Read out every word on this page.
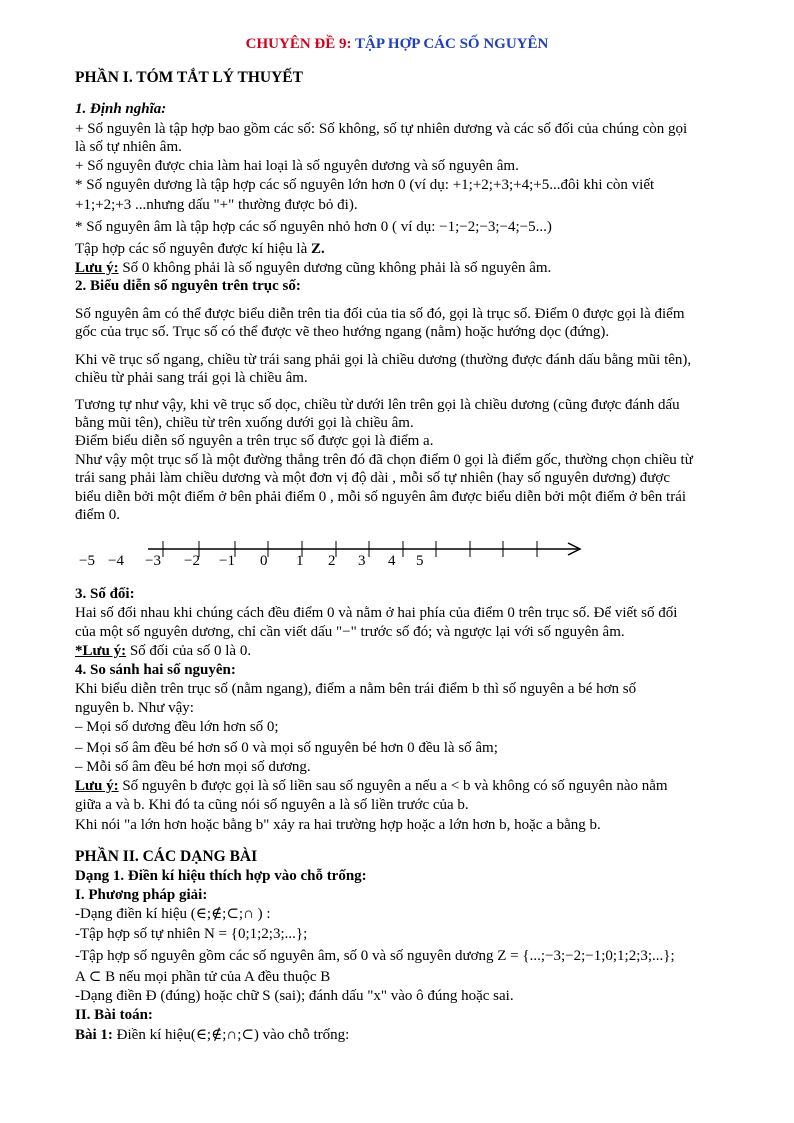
CHUYÊN ĐỀ 9: TẬP HỢP CÁC SỐ NGUYÊN
PHẦN I. TÓM TẮT LÝ THUYẾT
1. Định nghĩa:
+ Số nguyên là tập hợp bao gồm các số: Số không, số tự nhiên dương và các số đối của chúng còn gọi
là số tự nhiên âm.
+ Số nguyên được chia làm hai loại là số nguyên dương và số nguyên âm.
* Số nguyên dương là tập hợp các số nguyên lớn hơn 0 (ví dụ: +1;+2;+3;+4;+5...đôi khi còn viết
+1;+2;+3 ...nhưng dấu "+" thường được bỏ đi).
* Số nguyên âm là tập hợp các số nguyên nhỏ hơn 0 ( ví dụ: −1;−2;−3;−4;−5...)
Tập hợp các số nguyên được kí hiệu là Z.
Lưu ý: Số 0 không phải là số nguyên dương cũng không phải là số nguyên âm.
2. Biểu diễn số nguyên trên trục số:
Số nguyên âm có thể được biểu diễn trên tia đối của tia số đó, gọi là trục số. Điểm 0 được gọi là điểm
gốc của trục số. Trục số có thể được vẽ theo hướng ngang (nằm) hoặc hướng dọc (đứng).
Khi vẽ trục số ngang, chiều từ trái sang phải gọi là chiều dương (thường được đánh dấu bằng mũi tên),
chiều từ phải sang trái gọi là chiều âm.
Tương tự như vậy, khi vẽ trục số dọc, chiều từ dưới lên trên gọi là chiều dương (cũng được đánh dấu
bằng mũi tên), chiều từ trên xuống dưới gọi là chiều âm.
Điểm biểu diễn số nguyên a trên trục số được gọi là điểm a.
Như vậy một trục số là một đường thẳng trên đó đã chọn điểm 0 gọi là điểm gốc, thường chọn chiều từ
trái sang phải làm chiều dương và một đơn vị độ dài , mỗi số tự nhiên (hay số nguyên dương) được
biểu diễn bởi một điểm ở bên phải điểm 0 , mỗi số nguyên âm được biểu diễn bởi một điểm ở bên trái
điểm 0.
−5 −4 −3 −2 −1 0 1 2 3 4 5
3. Số đối:
Hai số đối nhau khi chúng cách đều điểm 0 và nằm ở hai phía của điểm 0 trên trục số. Để viết số đối
của một số nguyên dương, chỉ cần viết dấu "−" trước số đó; và ngược lại với số nguyên âm.
*Lưu ý: Số đối của số 0 là 0.
4. So sánh hai số nguyên:
Khi biểu diễn trên trục số (nằm ngang), điểm a nằm bên trái điểm b thì số nguyên a bé hơn số
nguyên b. Như vậy:
– Mọi số dương đều lớn hơn số 0;
– Mọi số âm đều bé hơn số 0 và mọi số nguyên bé hơn 0 đều là số âm;
– Mỗi số âm đều bé hơn mọi số dương.
Lưu ý: Số nguyên b được gọi là số liền sau số nguyên a nếu a < b và không có số nguyên nào nằm
giữa a và b. Khi đó ta cũng nói số nguyên a là số liền trước của b.
Khi nói "a lớn hơn hoặc bằng b" xảy ra hai trường hợp hoặc a lớn hơn b, hoặc a bằng b.
PHẦN II. CÁC DẠNG BÀI
Dạng 1. Điền kí hiệu thích hợp vào chỗ trống:
I. Phương pháp giải:
-Dạng điền kí hiệu (∈;∉;⊂;∩ ) :
-Tập hợp số tự nhiên N = {0;1;2;3;...};
-Tập hợp số nguyên gồm các số nguyên âm, số 0 và số nguyên dương Z = {...;−3;−2;−1;0;1;2;3;...};
A ⊂ B nếu mọi phần tử của A đều thuộc B
-Dạng điền Đ (đúng) hoặc chữ S (sai); đánh dấu "x" vào ô đúng hoặc sai.
II. Bài toán:
Bài 1: Điền kí hiệu(∈;∉;∩;⊂) vào chỗ trống:
